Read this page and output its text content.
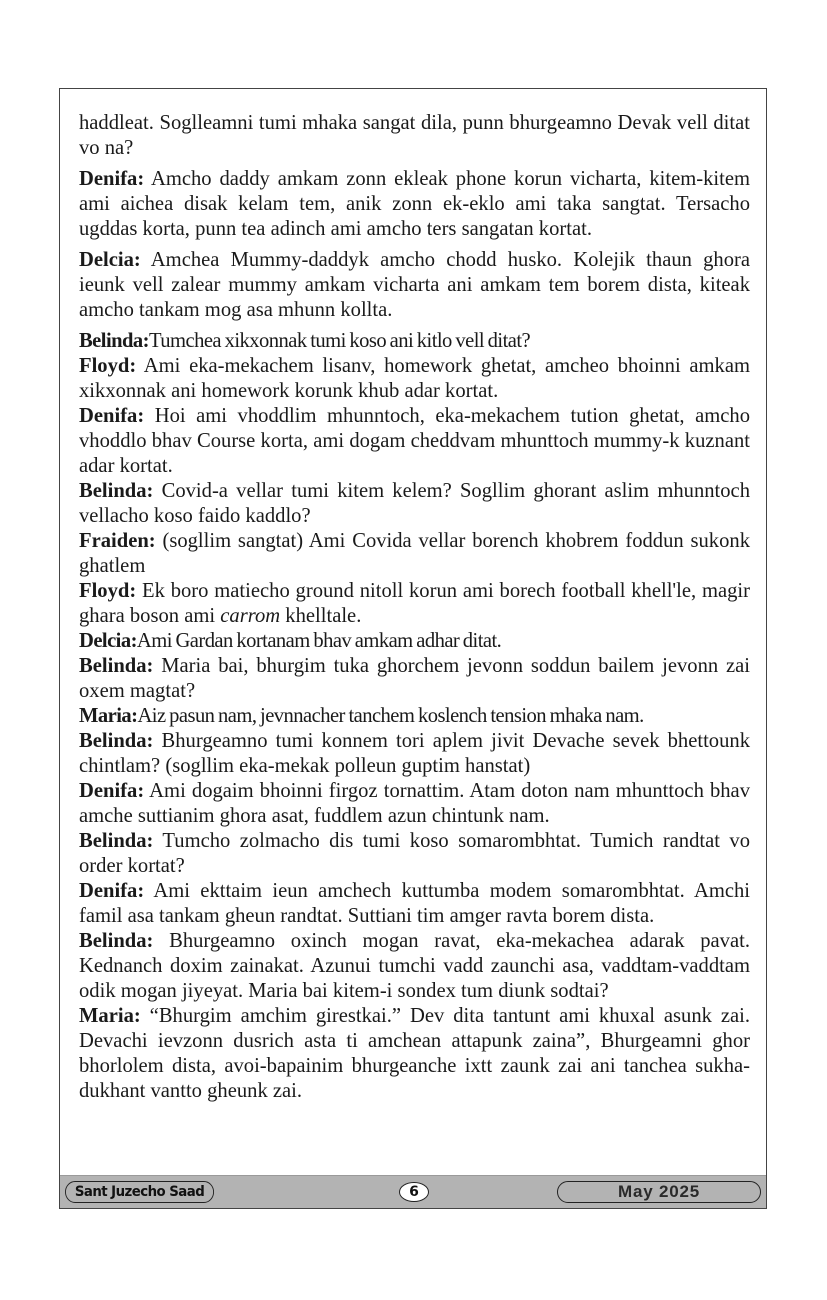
haddleat. Soglleamni tumi mhaka sangat dila, punn bhurgeamno Devak vell ditat vo na?

Denifa: Amcho daddy amkam zonn ekleak phone korun vicharta, kitem-kitem ami aichea disak kelam tem, anik zonn ek-eklo ami taka sangtat. Tersacho ugddas korta, punn tea adinch ami amcho ters sangatan kortat.

Delcia: Amchea Mummy-daddyk amcho chodd husko. Kolejik thaun ghora ieunk vell zalear mummy amkam vicharta ani amkam tem borem dista, kiteak amcho tankam mog asa mhunn kollta.

Belinda:Tumchea xikxonnak tumi koso ani kitlo vell ditat?

Floyd: Ami eka-mekachem lisanv, homework ghetat, amcheo bhoinni amkam xikxonnak ani homework korunk khub adar kortat.

Denifa: Hoi ami vhoddlim mhunntoch, eka-mekachem tution ghetat, amcho vhoddlo bhav Course korta, ami dogam cheddvam mhunttoch mummy-k kuznant adar kortat.

Belinda: Covid-a vellar tumi kitem kelem? Sogllim ghorant aslim mhunntoch vellacho koso faido kaddlo?

Fraiden: (sogllim sangtat) Ami Covida vellar borench khobrem foddun sukonk ghatlem

Floyd: Ek boro matiecho ground nitoll korun ami borech football khell'le, magir ghara boson ami carrom khelltale.

Delcia:Ami Gardan kortanam bhav amkam adhar ditat.

Belinda: Maria bai, bhurgim tuka ghorchem jevonn soddun bailem jevonn zai oxem magtat?

Maria:Aiz pasun nam, jevnnacher tanchem koslench tension mhaka nam.

Belinda: Bhurgeamno tumi konnem tori aplem jivit Devache sevek bhettounk chintlam? (sogllim eka-mekak polleun guptim hanstat)

Denifa: Ami dogaim bhoinni firgoz tornattim. Atam doton nam mhunttoch bhav amche suttianim ghora asat, fuddlem azun chintunk nam.

Belinda: Tumcho zolmacho dis tumi koso somarombhtat. Tumich randtat vo order kortat?

Denifa: Ami ekttaim ieun amchech kuttumba modem somarombhtat. Amchi famil asa tankam gheun randtat. Suttiani tim amger ravta borem dista.

Belinda: Bhurgeamno oxinch mogan ravat, eka-mekachea adarak pavat. Kednanch doxim zainakat. Azunui tumchi vadd zaunchi asa, vaddtam-vaddtam odik mogan jiyeyat. Maria bai kitem-i sondex tum diunk sodtai?

Maria: “Bhurgim amchim girestkai.” Dev dita tantunt ami khuxal asunk zai. Devachi ievzonn dusrich asta ti amchean attapunk zaina”, Bhurgeamni ghor bhorlolem dista, avoi-bapainim bhurgeanche ixtt zaunk zai ani tanchea sukha-dukhant vantto gheunk zai.

Sant Juzecho Saad	6	May 2025
